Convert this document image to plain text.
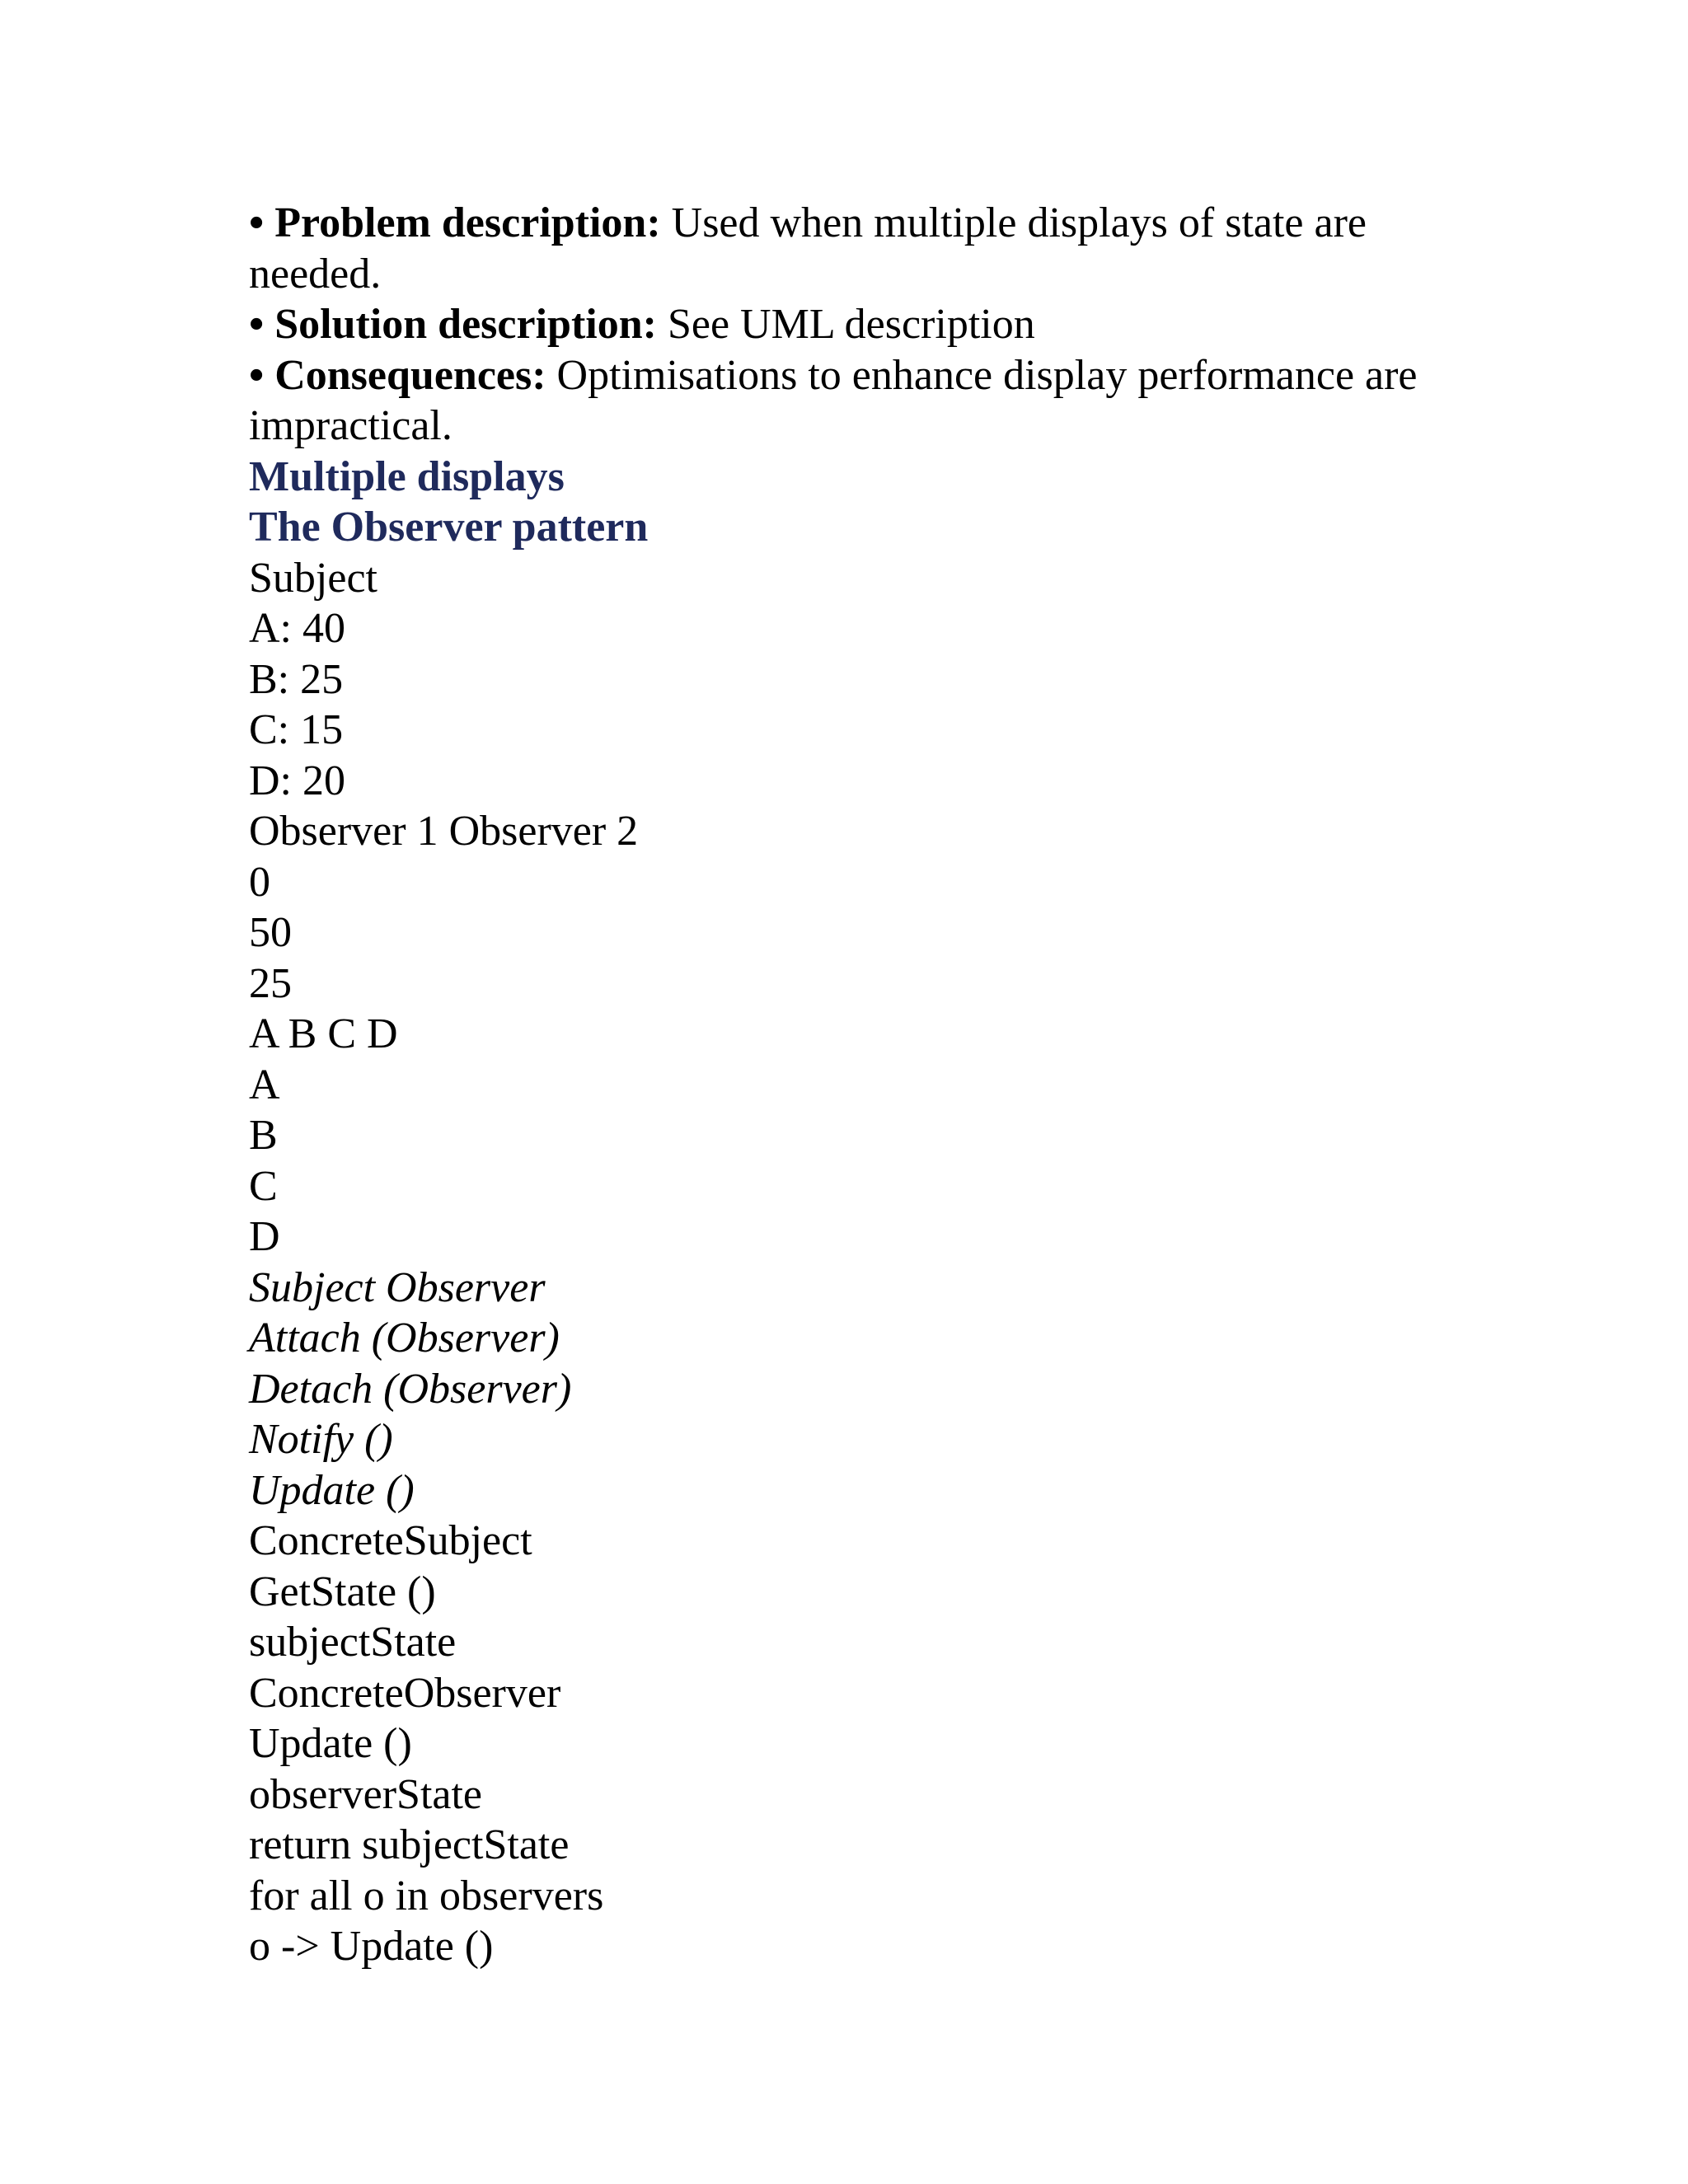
• Problem description: Used when multiple displays of state are needed.

• Solution description: See UML description

• Consequences: Optimisations to enhance display performance are impractical.

Multiple displays

The Observer pattern

Subject

A: 40

B: 25

C: 15

D: 20

Observer 1 Observer 2

0

50

25

A B C D

A

B

C

D

Subject Observer

Attach (Observer)

Detach (Observer)

Notify ()

Update ()

ConcreteSubject

GetState ()

subjectState

ConcreteObserver

Update ()

observerState

return subjectState

for all o in observers

o -> Update ()
